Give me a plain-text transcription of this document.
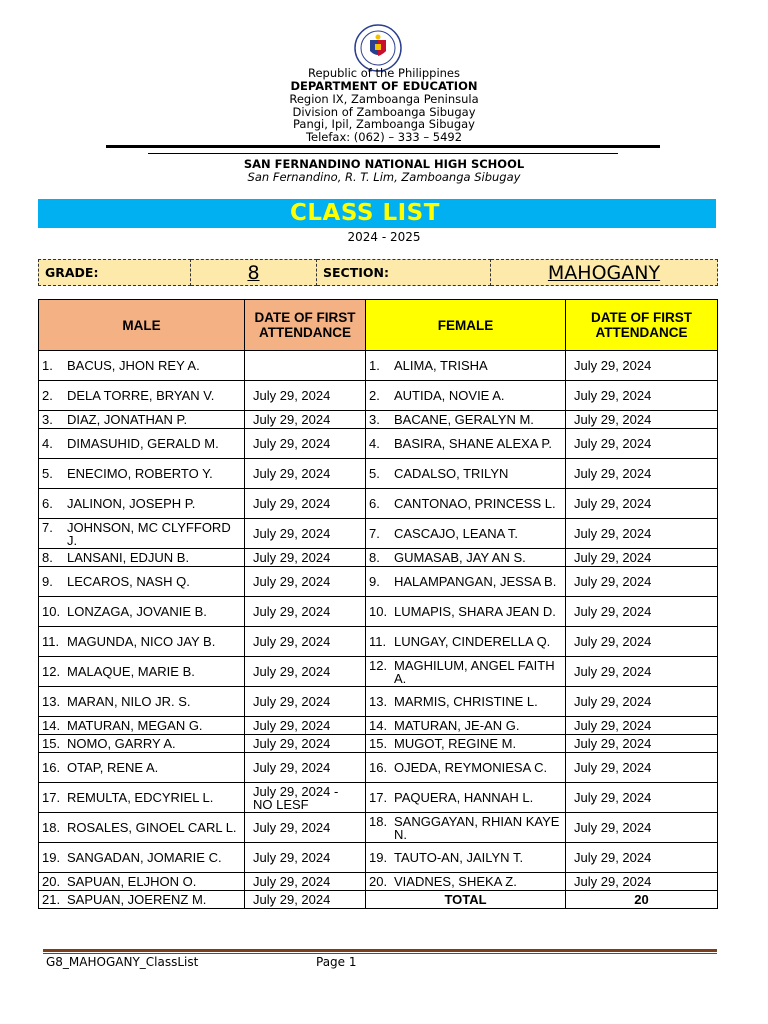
Republic of the Philippines
DEPARTMENT OF EDUCATION
Region IX, Zamboanga Peninsula
Division of Zamboanga Sibugay
Pangi, Ipil, Zamboanga Sibugay
Telefax: (062) – 333 – 5492
SAN FERNANDINO NATIONAL HIGH SCHOOL
San Fernandino, R. T. Lim, Zamboanga Sibugay
CLASS LIST
2024 - 2025
GRADE:	8	SECTION:	MAHOGANY
MALE	DATE OF FIRST ATTENDANCE	FEMALE	DATE OF FIRST ATTENDANCE

1. BACUS, JHON REY A.		1. ALIMA, TRISHA	July 29, 2024

2. DELA TORRE, BRYAN V.	July 29, 2024	2. AUTIDA, NOVIE A.	July 29, 2024

3. DIAZ, JONATHAN P.	July 29, 2024	3. BACANE, GERALYN M.	July 29, 2024

4. DIMASUHID, GERALD M.	July 29, 2024	4. BASIRA, SHANE ALEXA P.	July 29, 2024

5. ENECIMO, ROBERTO Y.	July 29, 2024	5. CADALSO, TRILYN	July 29, 2024

6. JALINON, JOSEPH P.	July 29, 2024	6. CANTONAO, PRINCESS L.	July 29, 2024

7. JOHNSON, MC CLYFFORD J.	July 29, 2024	7. CASCAJO, LEANA T.	July 29, 2024

8. LANSANI, EDJUN B.	July 29, 2024	8. GUMASAB, JAY AN S.	July 29, 2024

9. LECAROS, NASH Q.	July 29, 2024	9. HALAMPANGAN, JESSA B.	July 29, 2024

10. LONZAGA, JOVANIE B.	July 29, 2024	10. LUMAPIS, SHARA JEAN D.	July 29, 2024

11. MAGUNDA, NICO JAY B.	July 29, 2024	11. LUNGAY, CINDERELLA Q.	July 29, 2024

12. MALAQUE, MARIE B.	July 29, 2024	12. MAGHILUM, ANGEL FAITH A.	July 29, 2024

13. MARAN, NILO JR. S.	July 29, 2024	13. MARMIS, CHRISTINE L.	July 29, 2024

14. MATURAN, MEGAN G.	July 29, 2024	14. MATURAN, JE-AN G.	July 29, 2024

15. NOMO, GARRY A.	July 29, 2024	15. MUGOT, REGINE M.	July 29, 2024

16. OTAP, RENE A.	July 29, 2024	16. OJEDA, REYMONIESA C.	July 29, 2024

17. REMULTA, EDCYRIEL L.	July 29, 2024 - NO LESF	17. PAQUERA, HANNAH L.	July 29, 2024

18. ROSALES, GINOEL CARL L.	July 29, 2024	18. SANGGAYAN, RHIAN KAYE N.	July 29, 2024

19. SANGADAN, JOMARIE C.	July 29, 2024	19. TAUTO-AN, JAILYN T.	July 29, 2024

20. SAPUAN, ELJHON O.	July 29, 2024	20. VIADNES, SHEKA Z.	July 29, 2024

21. SAPUAN, JOERENZ M.	July 29, 2024	TOTAL	20
G8_MAHOGANY_ClassList	Page 1
